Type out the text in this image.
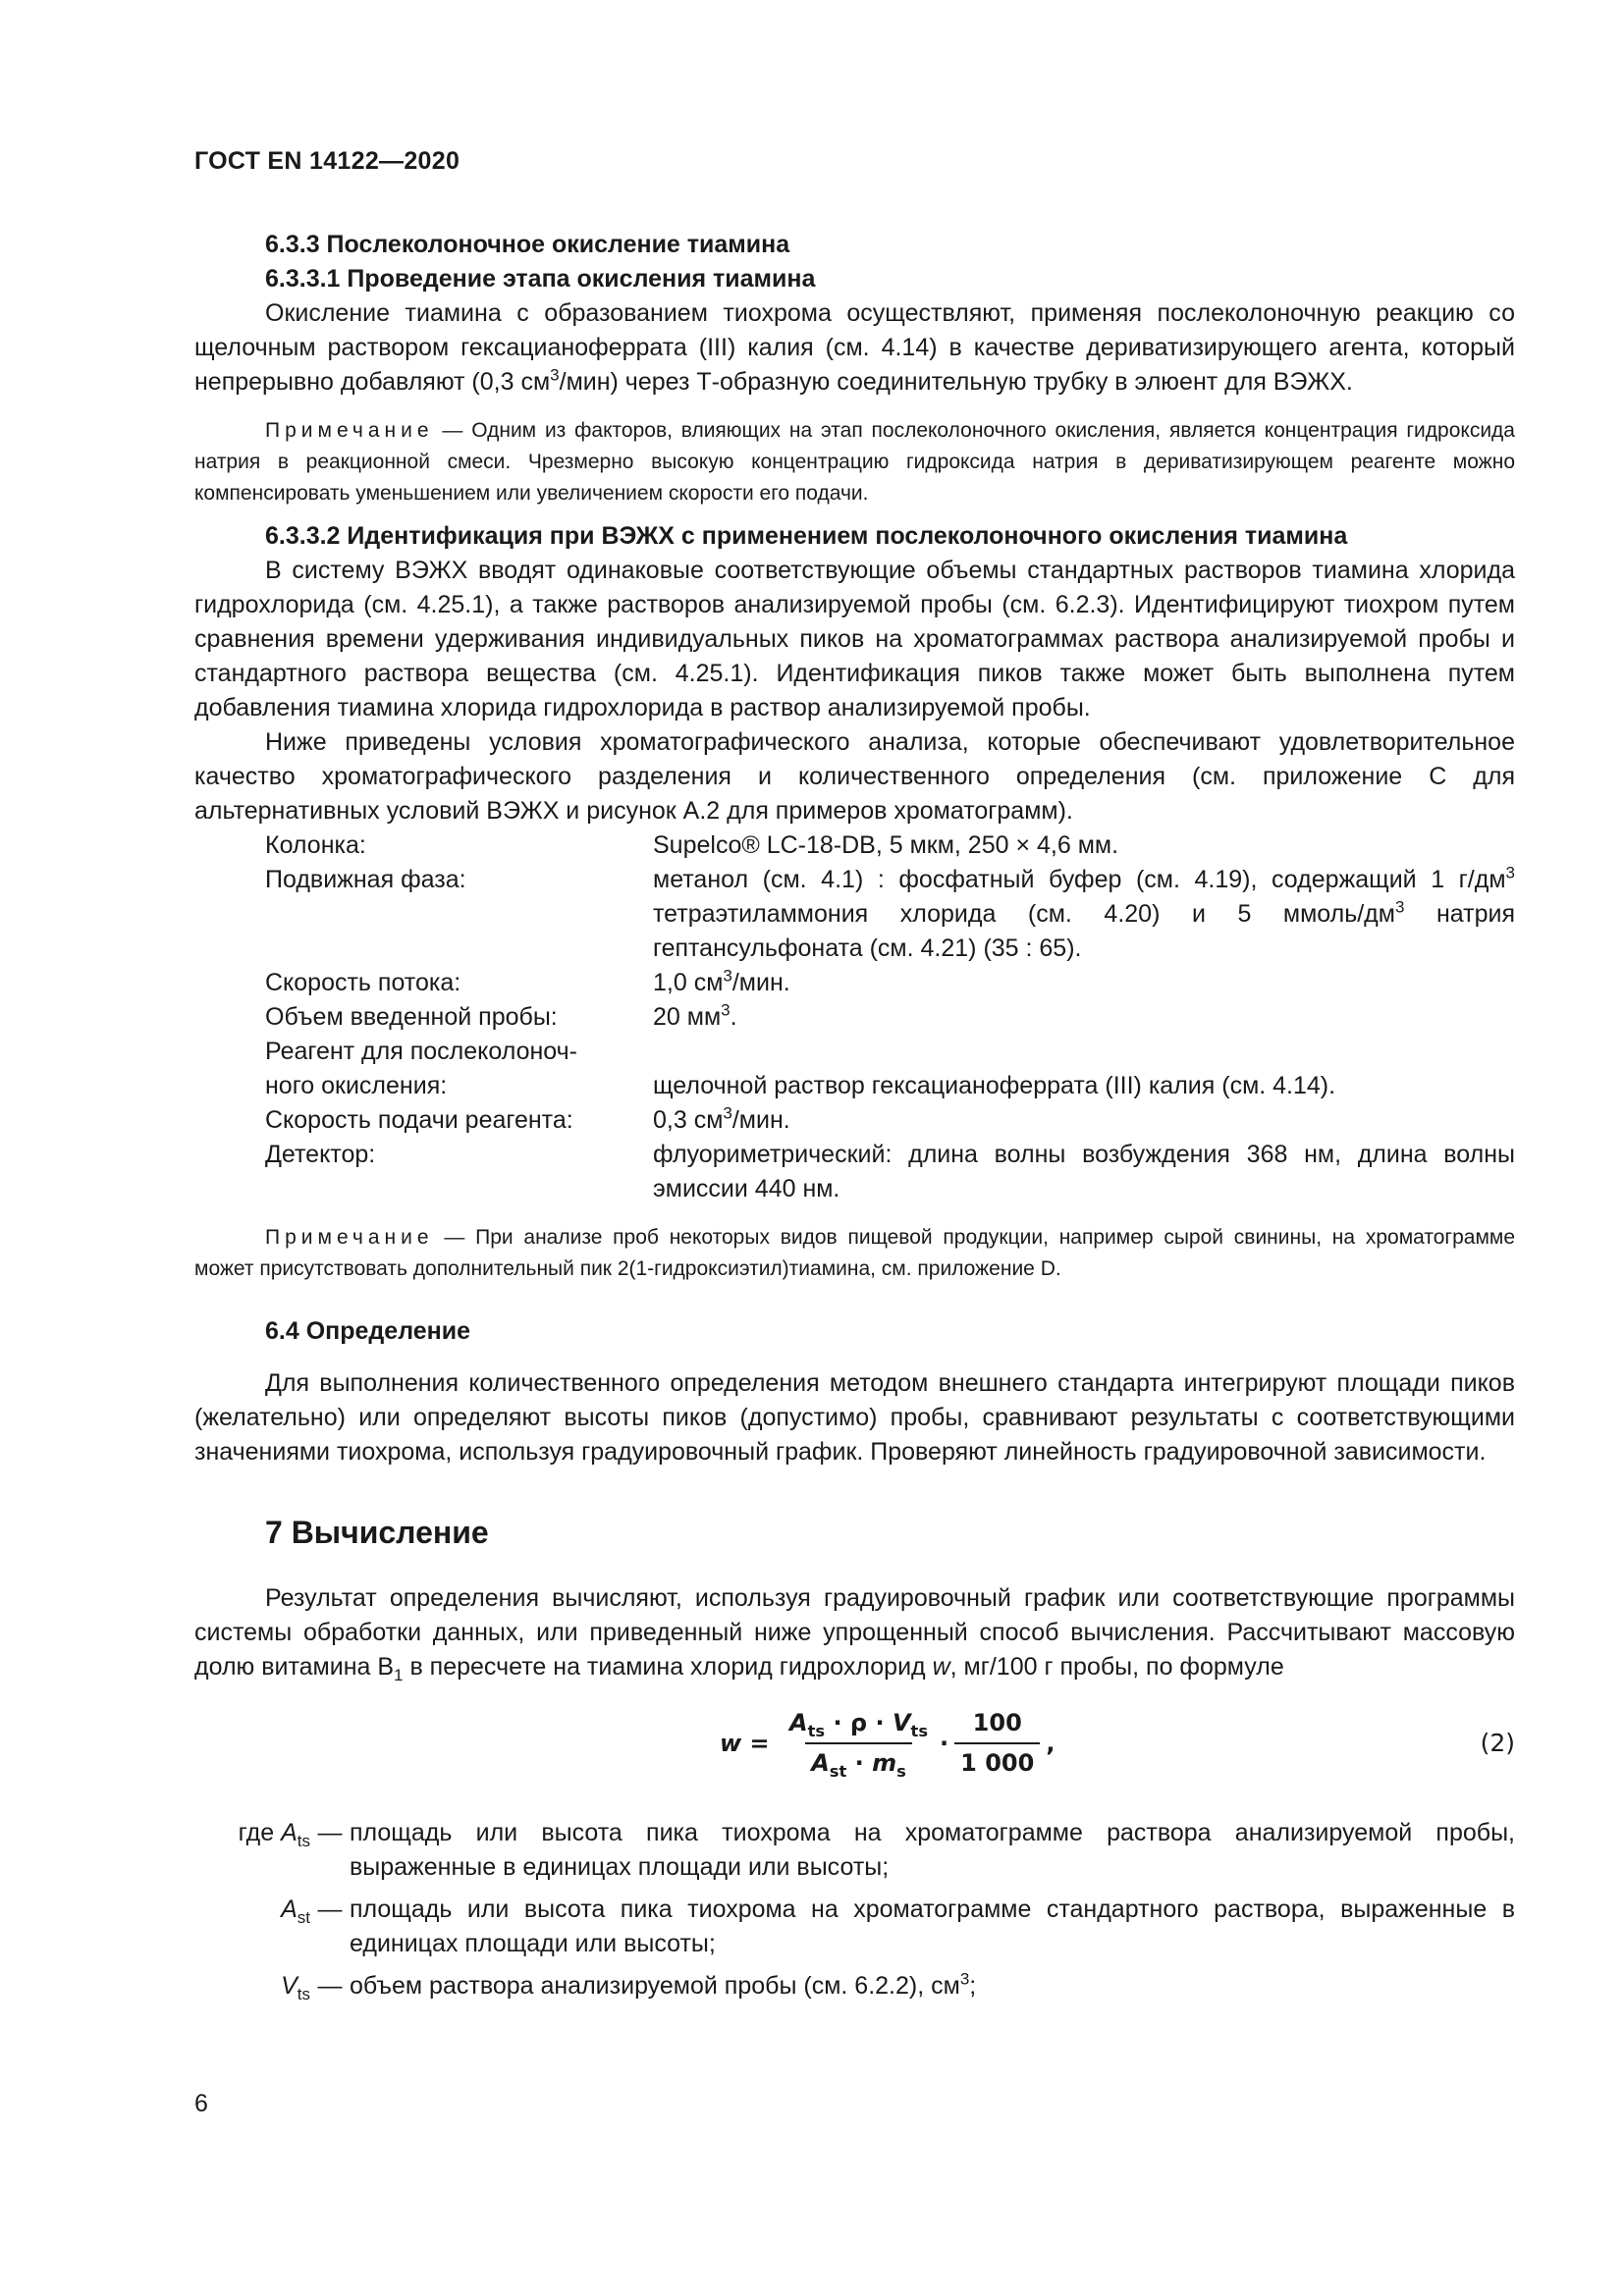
ГОСТ EN 14122—2020

6.3.3 Послеколоночное окисление тиамина

6.3.3.1 Проведение этапа окисления тиамина

Окисление тиамина с образованием тиохрома осуществляют, применяя послеколоночную реакцию со щелочным раствором гексацианоферрата (III) калия (см. 4.14) в качестве дериватизирующего агента, который непрерывно добавляют (0,3 $см^3/мин$) через Т-образную соединительную трубку в элюент для ВЭЖХ.

Примечание — Одним из факторов, влияющих на этап послеколоночного окисления, является концентрация гидроксида натрия в реакционной смеси. Чрезмерно высокую концентрацию гидроксида натрия в дериватизирующем реагенте можно компенсировать уменьшением или увеличением скорости его подачи.

6.3.3.2 Идентификация при ВЭЖХ с применением послеколоночного окисления тиамина

В систему ВЭЖХ вводят одинаковые соответствующие объемы стандартных растворов тиамина хлорида гидрохлорида (см. 4.25.1), а также растворов анализируемой пробы (см. 6.2.3). Идентифицируют тиохром путем сравнения времени удерживания индивидуальных пиков на хроматограммах раствора анализируемой пробы и стандартного раствора вещества (см. 4.25.1). Идентификация пиков также может быть выполнена путем добавления тиамина хлорида гидрохлорида в раствор анализируемой пробы.

Ниже приведены условия хроматографического анализа, которые обеспечивают удовлетворительное качество хроматографического разделения и количественного определения (см. приложение С для альтернативных условий ВЭЖХ и рисунок А.2 для примеров хроматограмм).

Колонка:	Supelco® LC-18-DB, 5 мкм, 250 × 4,6 мм.
Подвижная фаза:	метанол (см. 4.1) : фосфатный буфер (см. 4.19), содержащий 1 $г/дм^3$ тетраэтиламмония хлорида (см. 4.20) и 5 ммоль/$дм^3$ натрия гептансульфоната (см. 4.21) (35 : 65).
Скорость потока:	1,0 $см^3$/мин.
Объем введенной пробы:	20 $мм^3$.
Реагент для послеколоноч-
ного окисления:	щелочной раствор гексацианоферрата (III) калия (см. 4.14).
Скорость подачи реагента:	0,3 $см^3$/мин.
Детектор:	флуориметрический: длина волны возбуждения 368 нм, длина волны эмиссии 440 нм.

Примечание — При анализе проб некоторых видов пищевой продукции, например сырой свинины, на хроматограмме может присутствовать дополнительный пик 2(1-гидроксиэтил)тиамина, см. приложение D.

6.4 Определение

Для выполнения количественного определения методом внешнего стандарта интегрируют площади пиков (желательно) или определяют высоты пиков (допустимо) пробы, сравнивают результаты с соответствующими значениями тиохрома, используя градуировочный график. Проверяют линейность градуировочной зависимости.

7 Вычисление

Результат определения вычисляют, используя градуировочный график или соответствующие программы системы обработки данных, или приведенный ниже упрощенный способ вычисления. Рассчитывают массовую долю витамина $В_1$ в пересчете на тиамина хлорид гидрохлорид w, мг/100 г пробы, по формуле

$w = \frac{A_{ts} \cdot \rho \cdot V_{ts}}{A_{st} \cdot m_s} \cdot \frac{100}{1 000}$ ,	(2)
где $A_{ts}$ — площадь или высота пика тиохрома на хроматограмме раствора анализируемой пробы, выраженные в единицах площади или высоты;
$A_{st}$ — площадь или высота пика тиохрома на хроматограмме стандартного раствора, выраженные в единицах площади или высоты;
$V_{ts}$ — объем раствора анализируемой пробы (см. 6.2.2), $см^3$;
6
